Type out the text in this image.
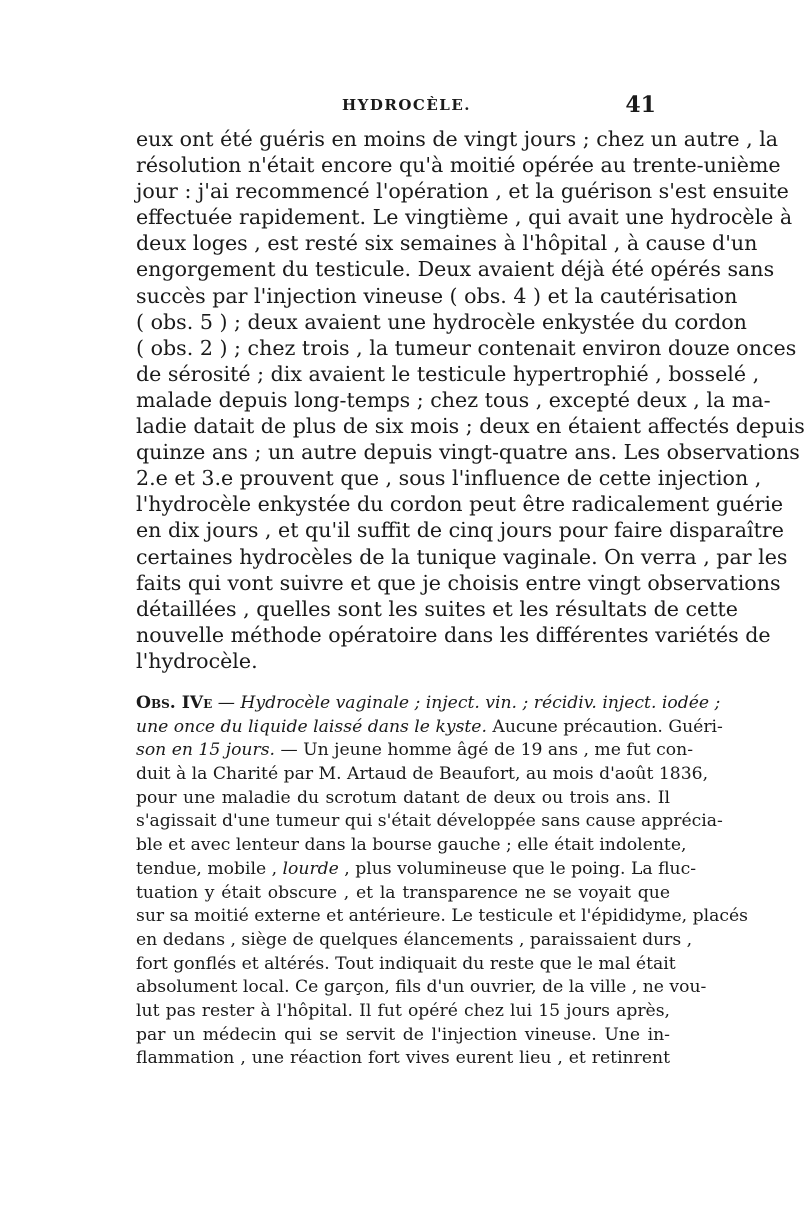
HYDROCÈLE.	41
eux ont été guéris en moins de vingt jours ; chez un autre , la
résolution n'était encore qu'à moitié opérée au trente-unième
jour : j'ai recommencé l'opération , et la guérison s'est ensuite
effectuée rapidement. Le vingtième , qui avait une hydrocèle à
deux loges , est resté six semaines à l'hôpital , à cause d'un
engorgement du testicule. Deux avaient déjà été opérés sans
succès par l'injection vineuse ( obs. 4 ) et la cautérisation
( obs. 5 ) ; deux avaient une hydrocèle enkystée du cordon
( obs. 2 ) ; chez trois , la tumeur contenait environ douze onces
de sérosité ; dix avaient le testicule hypertrophié , bosselé ,
malade depuis long-temps ; chez tous , excepté deux , la ma-
ladie datait de plus de six mois ; deux en étaient affectés depuis
quinze ans ; un autre depuis vingt-quatre ans. Les observations
2.e et 3.e prouvent que , sous l'influence de cette injection ,
l'hydrocèle enkystée du cordon peut être radicalement guérie
en dix jours , et qu'il suffit de cinq jours pour faire disparaître
certaines hydrocèles de la tunique vaginale. On verra , par les
faits qui vont suivre et que je choisis entre vingt observations
détaillées , quelles sont les suites et les résultats de cette
nouvelle méthode opératoire dans les différentes variétés de
l'hydrocèle.
Obs. IVe — Hydrocèle vaginale ; inject. vin. ; récidiv. inject. iodée ;
une once du liquide laissé dans le kyste. Aucune précaution. Guéri-
son en 15 jours. — Un jeune homme âgé de 19 ans , me fut con-
duit à la Charité par M. Artaud de Beaufort, au mois d'août 1836,
pour une maladie du scrotum datant de deux ou trois ans. Il
s'agissait d'une tumeur qui s'était développée sans cause apprécia-
ble et avec lenteur dans la bourse gauche ; elle était indolente,
tendue, mobile , lourde , plus volumineuse que le poing. La fluc-
tuation y était obscure , et la transparence ne se voyait que
sur sa moitié externe et antérieure. Le testicule et l'épididyme, placés
en dedans , siège de quelques élancements , paraissaient durs ,
fort gonflés et altérés. Tout indiquait du reste que le mal était
absolument local. Ce garçon, fils d'un ouvrier, de la ville , ne vou-
lut pas rester à l'hôpital. Il fut opéré chez lui 15 jours après,
par un médecin qui se servit de l'injection vineuse. Une in-
flammation , une réaction fort vives eurent lieu , et retinrent
